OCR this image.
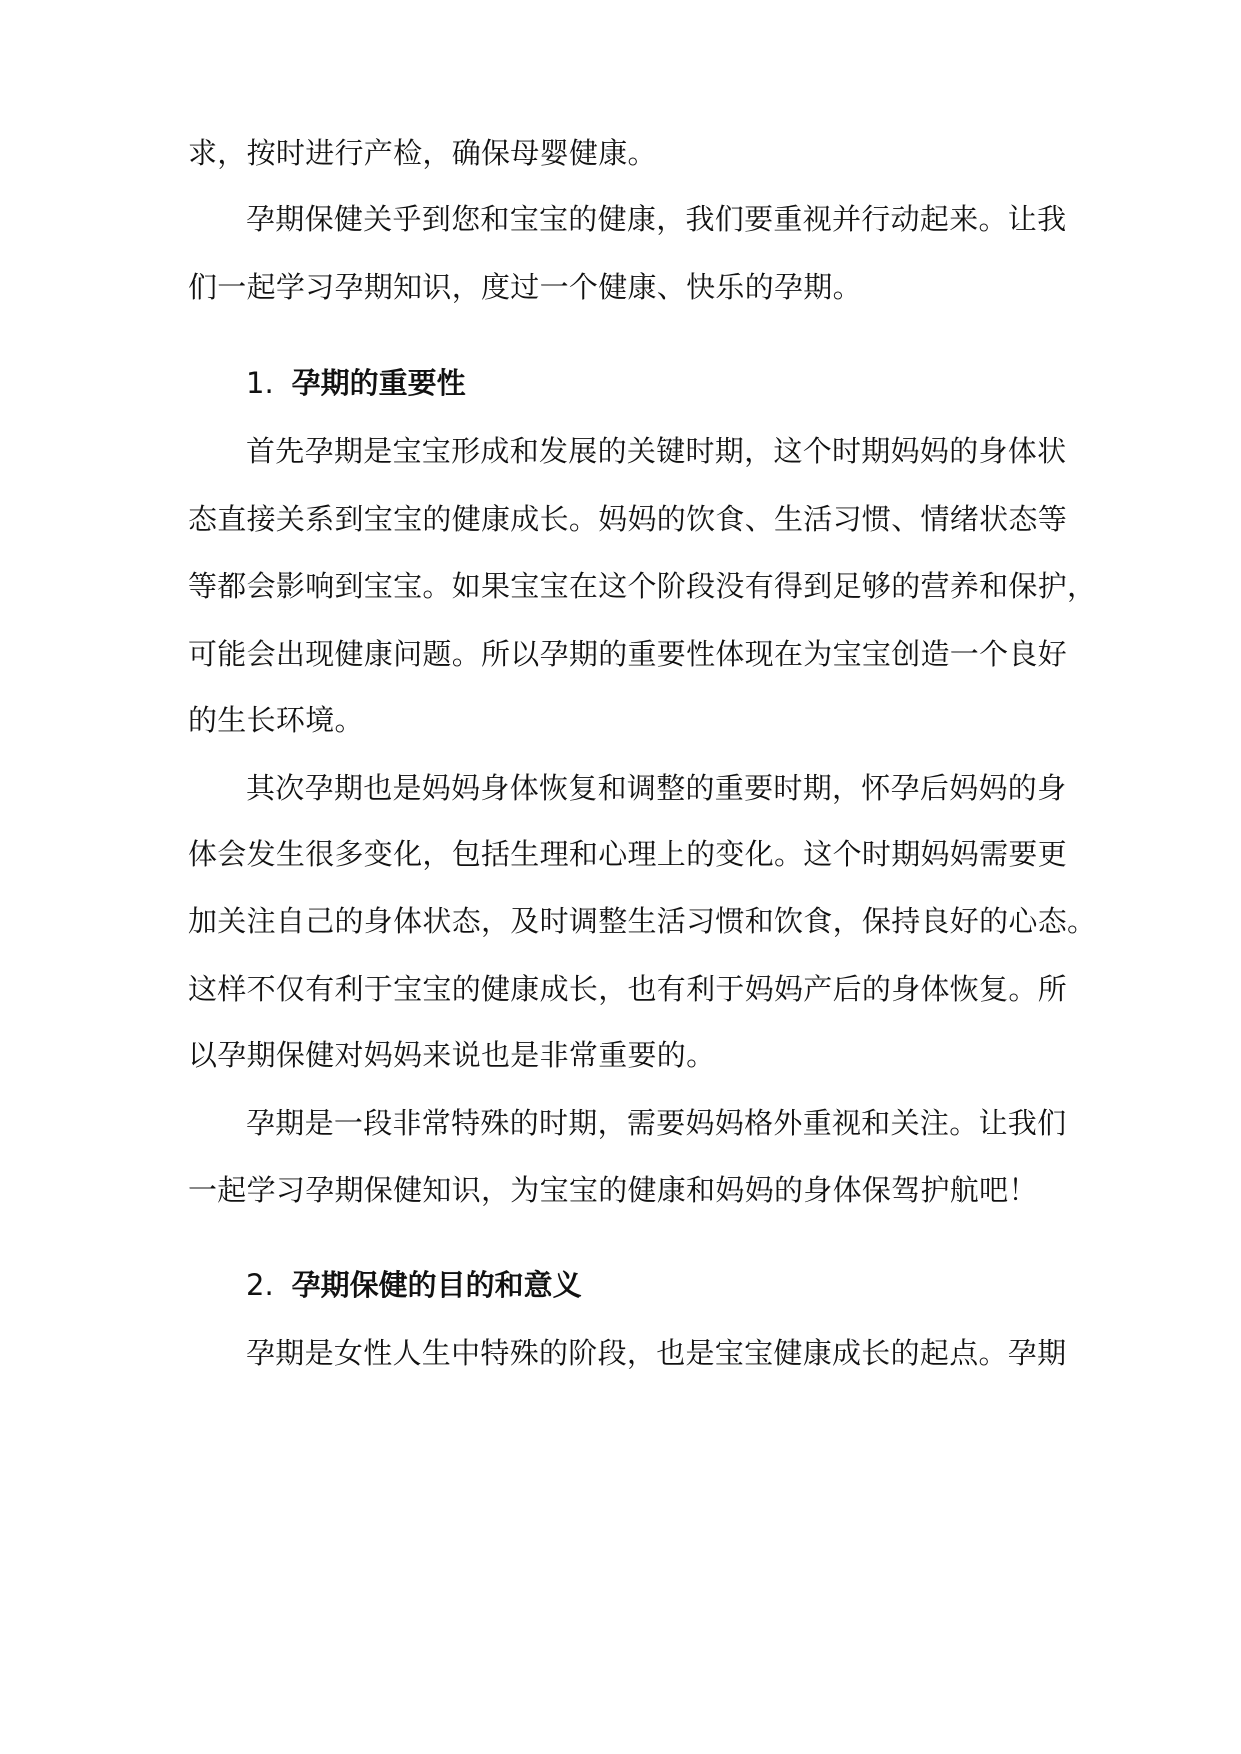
求，按时进行产检，确保母婴健康。
孕期保健关乎到您和宝宝的健康，我们要重视并行动起来。让我
们一起学习孕期知识，度过一个健康、快乐的孕期。
1. 孕期的重要性
首先孕期是宝宝形成和发展的关键时期，这个时期妈妈的身体状
态直接关系到宝宝的健康成长。妈妈的饮食、生活习惯、情绪状态等
等都会影响到宝宝。如果宝宝在这个阶段没有得到足够的营养和保护，
可能会出现健康问题。所以孕期的重要性体现在为宝宝创造一个良好
的生长环境。
其次孕期也是妈妈身体恢复和调整的重要时期，怀孕后妈妈的身
体会发生很多变化，包括生理和心理上的变化。这个时期妈妈需要更
加关注自己的身体状态，及时调整生活习惯和饮食，保持良好的心态。
这样不仅有利于宝宝的健康成长，也有利于妈妈产后的身体恢复。所
以孕期保健对妈妈来说也是非常重要的。
孕期是一段非常特殊的时期，需要妈妈格外重视和关注。让我们
一起学习孕期保健知识，为宝宝的健康和妈妈的身体保驾护航吧！
2. 孕期保健的目的和意义
孕期是女性人生中特殊的阶段，也是宝宝健康成长的起点。孕期
